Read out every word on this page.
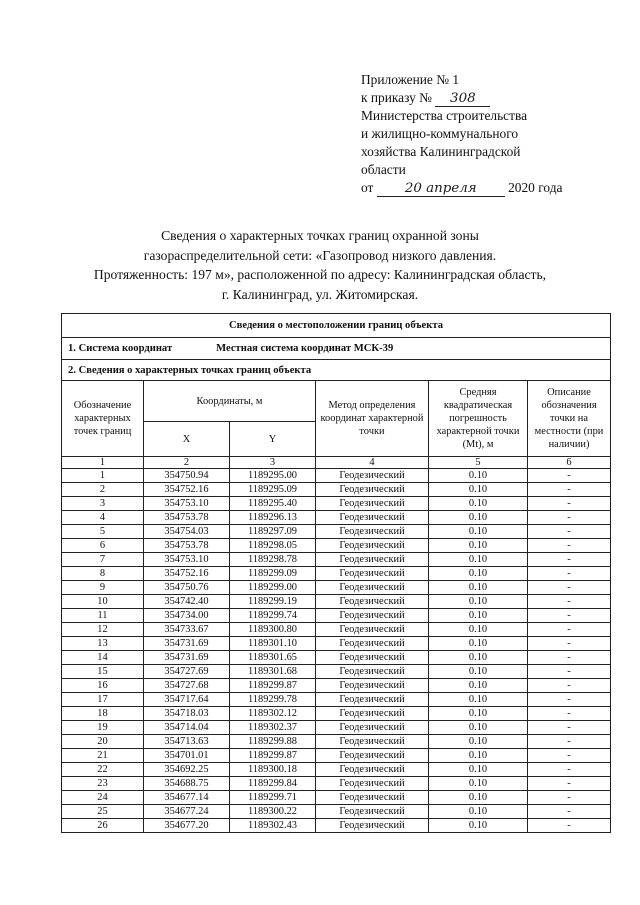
Приложение № 1
к приказу № 308
Министерства строительства
и жилищно-коммунального
хозяйства Калининградской
области
от 20 апреля 2020 года
Сведения о характерных точках границ охранной зоны
газораспределительной сети: «Газопровод низкого давления.
Протяженность: 197 м», расположенной по адресу: Калининградская область,
г. Калининград, ул. Житомирская.
Сведения о местоположении границ объекта					
1. Система координат Местная система координат МСК-39					
2. Сведения о характерных точках границ объекта					
Обозначение характерных точек границ	Координаты, м		Метод определения координат характерной точки	Средняя квадратическая погрешность характерной точки (Mt), м	Описание обозначения точки на местности (при наличии)
	X	Y			
1	2	3	4	5	6
1	354750.94	1189295.00	Геодезический	0.10	-
2	354752.16	1189295.09	Геодезический	0.10	-
3	354753.10	1189295.40	Геодезический	0.10	-
4	354753.78	1189296.13	Геодезический	0.10	-
5	354754.03	1189297.09	Геодезический	0.10	-
6	354753.78	1189298.05	Геодезический	0.10	-
7	354753.10	1189298.78	Геодезический	0.10	-
8	354752.16	1189299.09	Геодезический	0.10	-
9	354750.76	1189299.00	Геодезический	0.10	-
10	354742.40	1189299.19	Геодезический	0.10	-
11	354734.00	1189299.74	Геодезический	0.10	-
12	354733.67	1189300.80	Геодезический	0.10	-
13	354731.69	1189301.10	Геодезический	0.10	-
14	354731.69	1189301.65	Геодезический	0.10	-
15	354727.69	1189301.68	Геодезический	0.10	-
16	354727.68	1189299.87	Геодезический	0.10	-
17	354717.64	1189299.78	Геодезический	0.10	-
18	354718.03	1189302.12	Геодезический	0.10	-
19	354714.04	1189302.37	Геодезический	0.10	-
20	354713.63	1189299.88	Геодезический	0.10	-
21	354701.01	1189299.87	Геодезический	0.10	-
22	354692.25	1189300.18	Геодезический	0.10	-
23	354688.75	1189299.84	Геодезический	0.10	-
24	354677.14	1189299.71	Геодезический	0.10	-
25	354677.24	1189300.22	Геодезический	0.10	-
26	354677.20	1189302.43	Геодезический	0.10	-
